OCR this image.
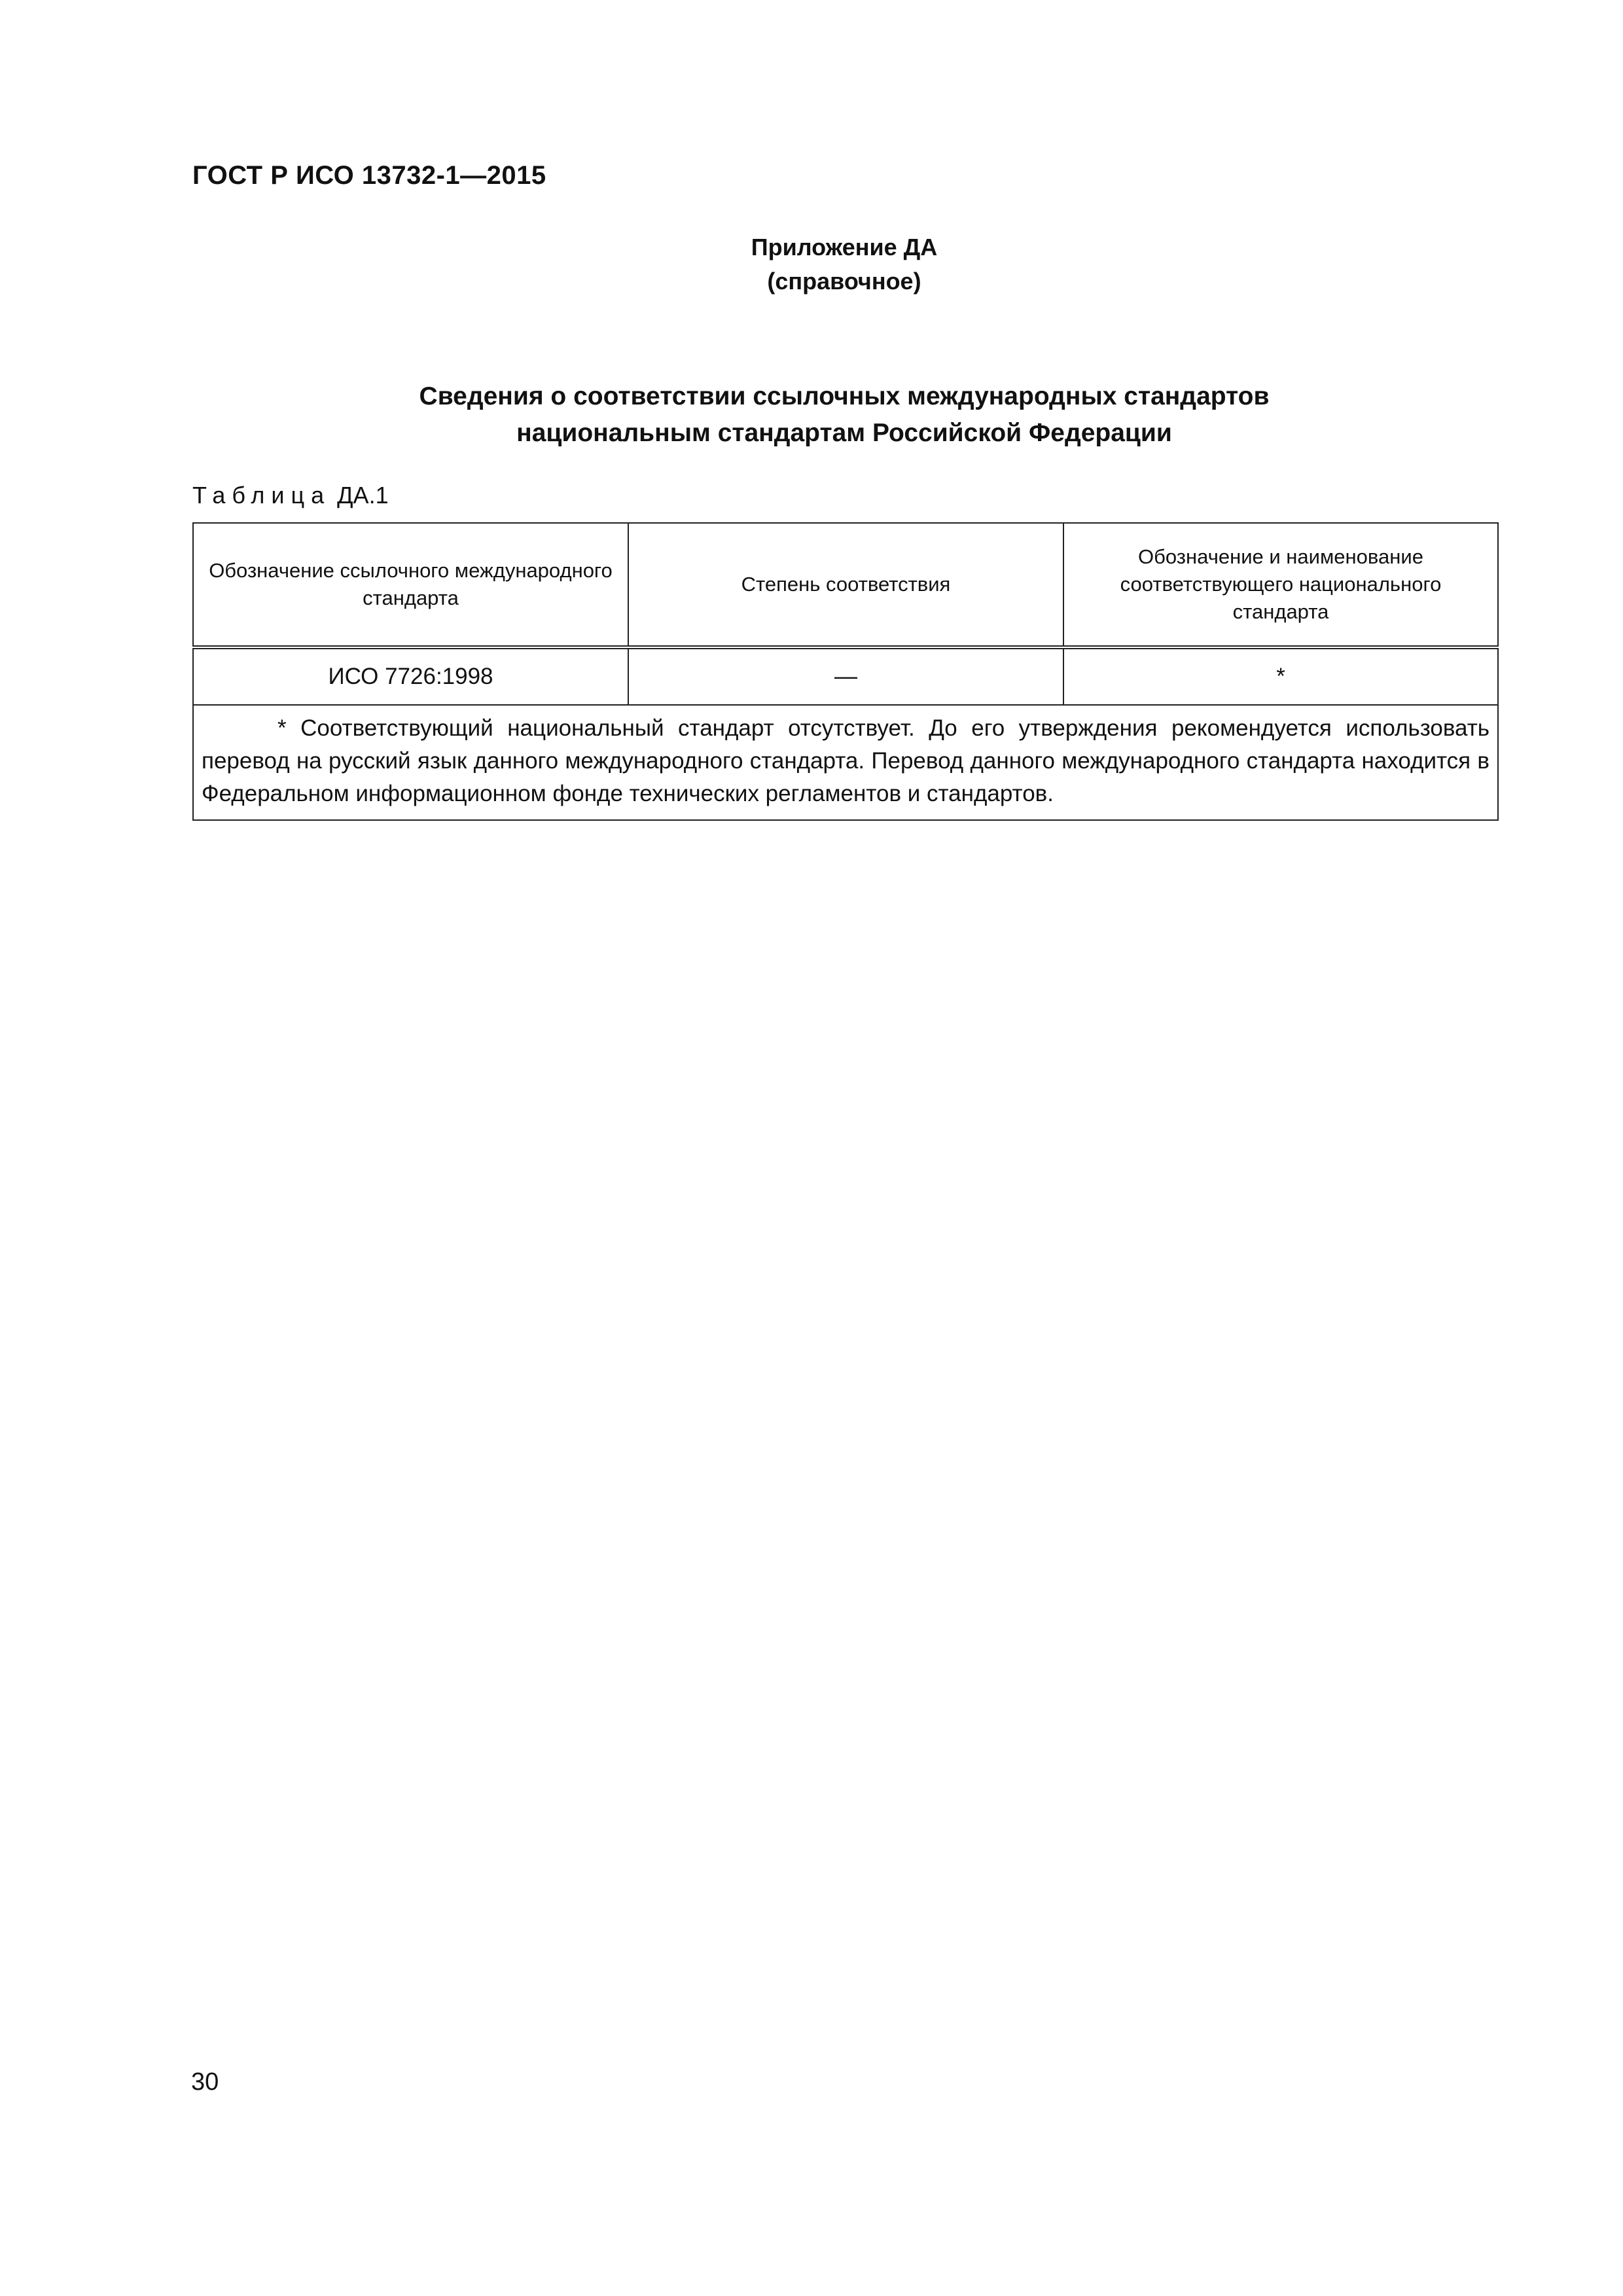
ГОСТ Р ИСО 13732-1—2015
Приложение ДА
(справочное)
Сведения о соответствии ссылочных международных стандартов
национальным стандартам Российской Федерации
Таблица ДА.1
Обозначение ссылочного международного стандарта	Степень соответствия	Обозначение и наименование соответствующего национального стандарта
ИСО 7726:1998	—	*
* Соответствующий национальный стандарт отсутствует. До его утверждения рекомендуется использовать перевод на русский язык данного международного стандарта. Перевод данного международного стандарта находится в Федеральном информационном фонде технических регламентов и стандартов.		
30
